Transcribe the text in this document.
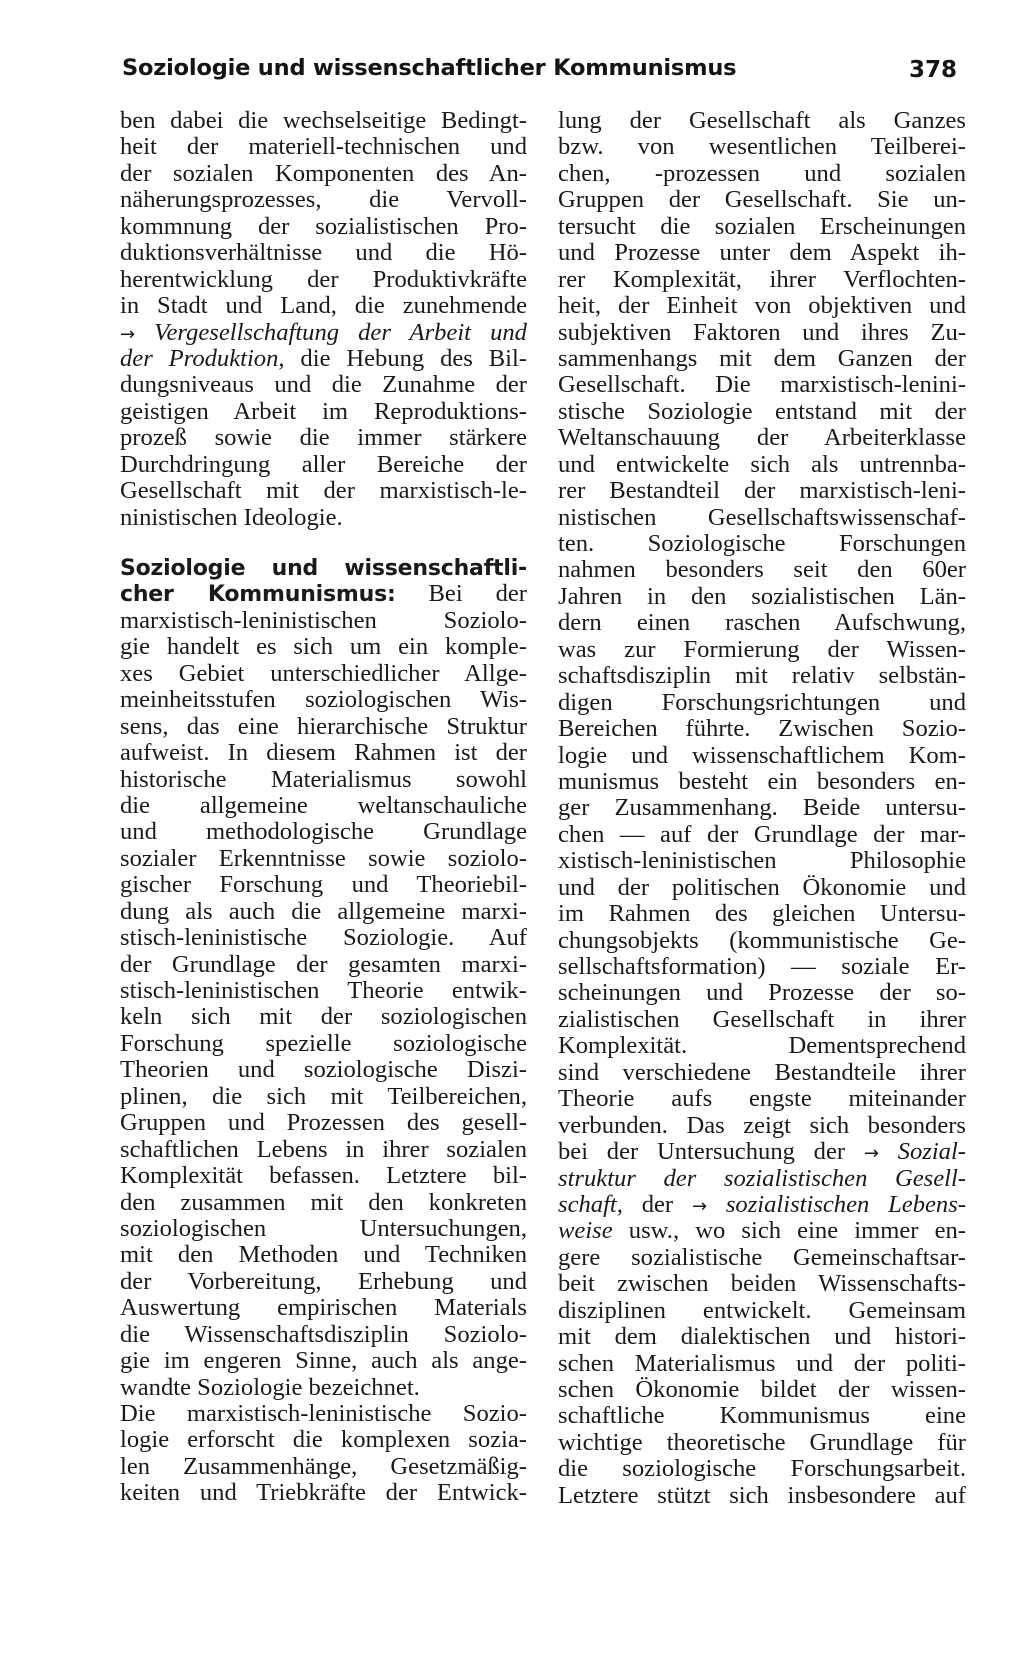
Soziologie und wissenschaftlicher Kommunismus	378
ben dabei die wechselseitige Bedingt-
heit der materiell-technischen und
der sozialen Komponenten des An-
näherungsprozesses, die Vervoll-
kommnung der sozialistischen Pro-
duktionsverhältnisse und die Hö-
herentwicklung der Produktivkräfte
in Stadt und Land, die zunehmende
→ Vergesellschaftung der Arbeit und
der Produktion, die Hebung des Bil-
dungsniveaus und die Zunahme der
geistigen Arbeit im Reproduktions-
prozeß sowie die immer stärkere
Durchdringung aller Bereiche der
Gesellschaft mit der marxistisch-le-
ninistischen Ideologie.
Soziologie und wissenschaftli-
cher Kommunismus: Bei der
marxistisch-leninistischen Soziolo-
gie handelt es sich um ein komple-
xes Gebiet unterschiedlicher Allge-
meinheitsstufen soziologischen Wis-
sens, das eine hierarchische Struktur
aufweist. In diesem Rahmen ist der
historische Materialismus sowohl
die allgemeine weltanschauliche
und methodologische Grundlage
sozialer Erkenntnisse sowie soziolo-
gischer Forschung und Theoriebil-
dung als auch die allgemeine marxi-
stisch-leninistische Soziologie. Auf
der Grundlage der gesamten marxi-
stisch-leninistischen Theorie entwik-
keln sich mit der soziologischen
Forschung spezielle soziologische
Theorien und soziologische Diszi-
plinen, die sich mit Teilbereichen,
Gruppen und Prozessen des gesell-
schaftlichen Lebens in ihrer sozialen
Komplexität befassen. Letztere bil-
den zusammen mit den konkreten
soziologischen Untersuchungen,
mit den Methoden und Techniken
der Vorbereitung, Erhebung und
Auswertung empirischen Materials
die Wissenschaftsdisziplin Soziolo-
gie im engeren Sinne, auch als ange-
wandte Soziologie bezeichnet.
Die marxistisch-leninistische Sozio-
logie erforscht die komplexen sozia-
len Zusammenhänge, Gesetzmäßig-
keiten und Triebkräfte der Entwick-
lung der Gesellschaft als Ganzes
bzw. von wesentlichen Teilberei-
chen, -prozessen und sozialen
Gruppen der Gesellschaft. Sie un-
tersucht die sozialen Erscheinungen
und Prozesse unter dem Aspekt ih-
rer Komplexität, ihrer Verflochten-
heit, der Einheit von objektiven und
subjektiven Faktoren und ihres Zu-
sammenhangs mit dem Ganzen der
Gesellschaft. Die marxistisch-lenini-
stische Soziologie entstand mit der
Weltanschauung der Arbeiterklasse
und entwickelte sich als untrennba-
rer Bestandteil der marxistisch-leni-
nistischen Gesellschaftswissenschaf-
ten. Soziologische Forschungen
nahmen besonders seit den 60er
Jahren in den sozialistischen Län-
dern einen raschen Aufschwung,
was zur Formierung der Wissen-
schaftsdisziplin mit relativ selbstän-
digen Forschungsrichtungen und
Bereichen führte. Zwischen Sozio-
logie und wissenschaftlichem Kom-
munismus besteht ein besonders en-
ger Zusammenhang. Beide untersu-
chen — auf der Grundlage der mar-
xistisch-leninistischen Philosophie
und der politischen Ökonomie und
im Rahmen des gleichen Untersu-
chungsobjekts (kommunistische Ge-
sellschaftsformation) — soziale Er-
scheinungen und Prozesse der so-
zialistischen Gesellschaft in ihrer
Komplexität. Dementsprechend
sind verschiedene Bestandteile ihrer
Theorie aufs engste miteinander
verbunden. Das zeigt sich besonders
bei der Untersuchung der → Sozial-
struktur der sozialistischen Gesell-
schaft, der → sozialistischen Lebens-
weise usw., wo sich eine immer en-
gere sozialistische Gemeinschaftsar-
beit zwischen beiden Wissenschafts-
disziplinen entwickelt. Gemeinsam
mit dem dialektischen und histori-
schen Materialismus und der politi-
schen Ökonomie bildet der wissen-
schaftliche Kommunismus eine
wichtige theoretische Grundlage für
die soziologische Forschungsarbeit.
Letztere stützt sich insbesondere auf
